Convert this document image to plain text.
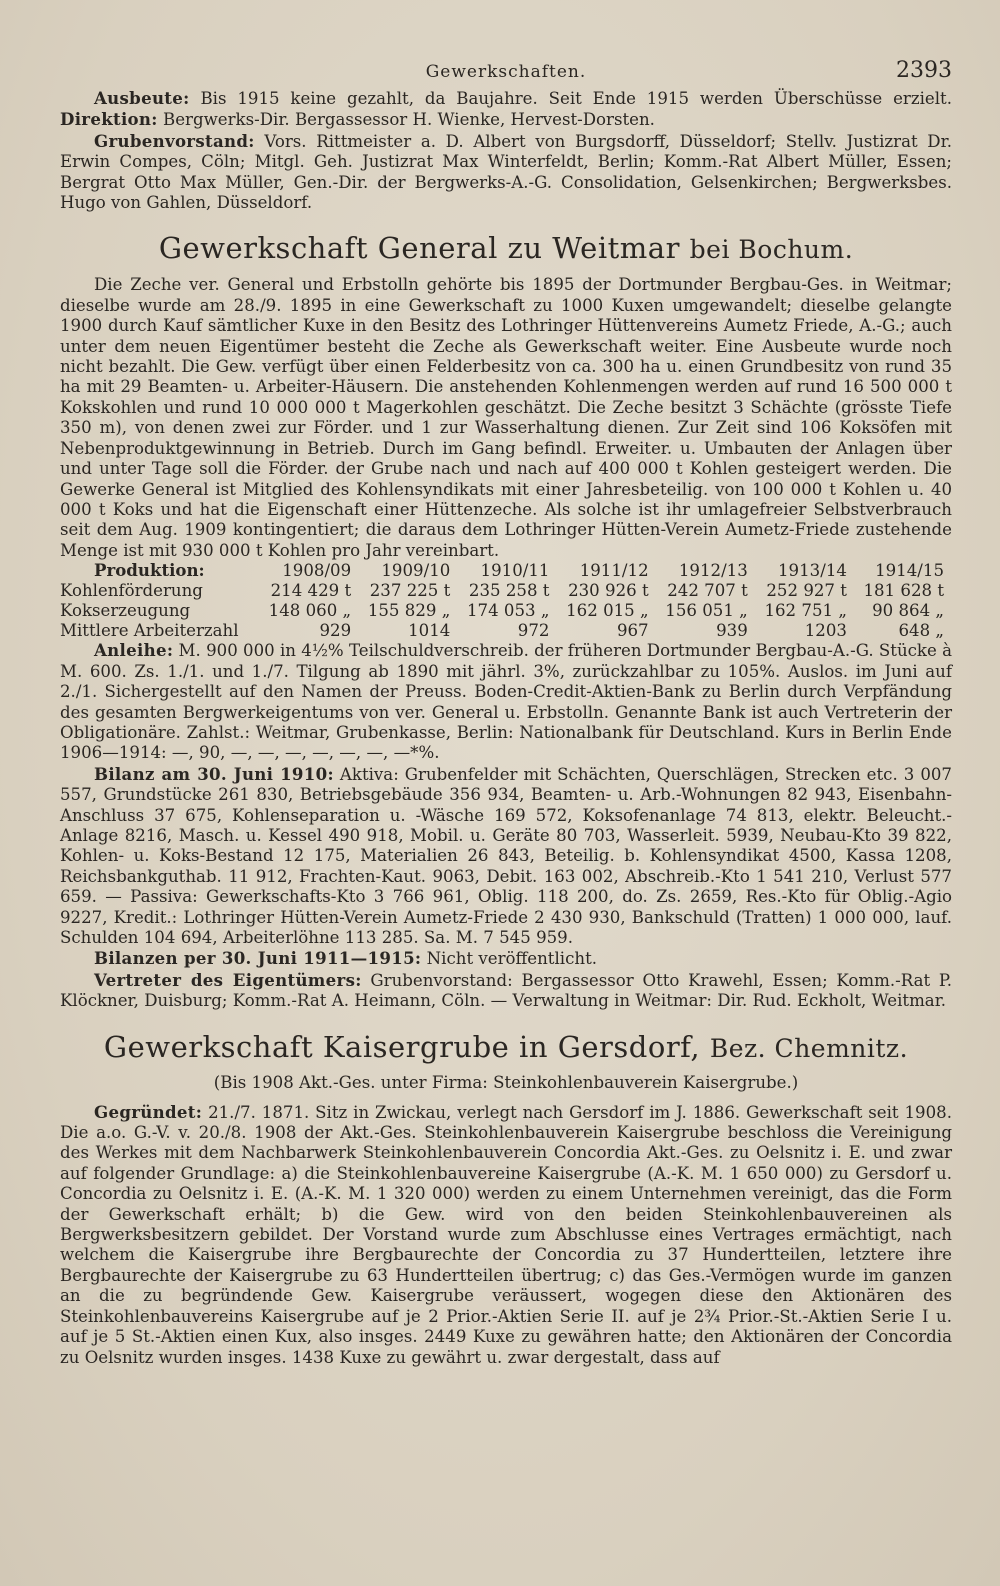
Gewerkschaften.	2393

Ausbeute: Bis 1915 keine gezahlt, da Baujahre. Seit Ende 1915 werden Überschüsse erzielt. Direktion: Bergwerks-Dir. Bergassessor H. Wienke, Hervest-Dorsten.

Grubenvorstand: Vors. Rittmeister a. D. Albert von Burgsdorff, Düsseldorf; Stellv. Justizrat Dr. Erwin Compes, Cöln; Mitgl. Geh. Justizrat Max Winterfeldt, Berlin; Komm.-Rat Albert Müller, Essen; Bergrat Otto Max Müller, Gen.-Dir. der Bergwerks-A.-G. Consolidation, Gelsenkirchen; Bergwerksbes. Hugo von Gahlen, Düsseldorf.

Gewerkschaft General zu Weitmar bei Bochum.

Die Zeche ver. General und Erbstolln gehörte bis 1895 der Dortmunder Bergbau-Ges. in Weitmar; dieselbe wurde am 28./9. 1895 in eine Gewerkschaft zu 1000 Kuxen umgewandelt; dieselbe gelangte 1900 durch Kauf sämtlicher Kuxe in den Besitz des Lothringer Hüttenvereins Aumetz Friede, A.-G.; auch unter dem neuen Eigentümer besteht die Zeche als Gewerkschaft weiter. Eine Ausbeute wurde noch nicht bezahlt. Die Gew. verfügt über einen Felderbesitz von ca. 300 ha u. einen Grundbesitz von rund 35 ha mit 29 Beamten- u. Arbeiter-Häusern. Die anstehenden Kohlenmengen werden auf rund 16 500 000 t Kokskohlen und rund 10 000 000 t Magerkohlen geschätzt. Die Zeche besitzt 3 Schächte (grösste Tiefe 350 m), von denen zwei zur Förder. und 1 zur Wasserhaltung dienen. Zur Zeit sind 106 Koksöfen mit Nebenproduktgewinnung in Betrieb. Durch im Gang befindl. Erweiter. u. Umbauten der Anlagen über und unter Tage soll die Förder. der Grube nach und nach auf 400 000 t Kohlen gesteigert werden. Die Gewerke General ist Mitglied des Kohlensyndikats mit einer Jahresbeteilig. von 100 000 t Kohlen u. 40 000 t Koks und hat die Eigenschaft einer Hüttenzeche. Als solche ist ihr umlagefreier Selbstverbrauch seit dem Aug. 1909 kontingentiert; die daraus dem Lothringer Hütten-Verein Aumetz-Friede zustehende Menge ist mit 930 000 t Kohlen pro Jahr vereinbart.

Produktion:	1908/09	1909/10	1910/11	1911/12	1912/13	1913/14	1914/15
Kohlenförderung	214 429 t	237 225 t	235 258 t	230 926 t	242 707 t	252 927 t	181 628 t
Kokserzeugung	148 060 „	155 829 „	174 053 „	162 015 „	156 051 „	162 751 „	90 864 „
Mittlere Arbeiterzahl	929	1014	972	967	939	1203	648 „

Anleihe: M. 900 000 in 4½% Teilschuldverschreib. der früheren Dortmunder Bergbau-A.-G. Stücke à M. 600. Zs. 1./1. und 1./7. Tilgung ab 1890 mit jährl. 3%, zurückzahlbar zu 105%. Auslos. im Juni auf 2./1. Sichergestellt auf den Namen der Preuss. Boden-Credit-Aktien-Bank zu Berlin durch Verpfändung des gesamten Bergwerkeigentums von ver. General u. Erbstolln. Genannte Bank ist auch Vertreterin der Obligationäre. Zahlst.: Weitmar, Grubenkasse, Berlin: Nationalbank für Deutschland. Kurs in Berlin Ende 1906—1914: —, 90, —, —, —, —, —, —, —*%.

Bilanz am 30. Juni 1910: Aktiva: Grubenfelder mit Schächten, Querschlägen, Strecken etc. 3 007 557, Grundstücke 261 830, Betriebsgebäude 356 934, Beamten- u. Arb.-Wohnungen 82 943, Eisenbahn-Anschluss 37 675, Kohlenseparation u. -Wäsche 169 572, Koksofenanlage 74 813, elektr. Beleucht.-Anlage 8216, Masch. u. Kessel 490 918, Mobil. u. Geräte 80 703, Wasserleit. 5939, Neubau-Kto 39 822, Kohlen- u. Koks-Bestand 12 175, Materialien 26 843, Beteilig. b. Kohlensyndikat 4500, Kassa 1208, Reichsbankguthab. 11 912, Frachten-Kaut. 9063, Debit. 163 002, Abschreib.-Kto 1 541 210, Verlust 577 659. — Passiva: Gewerkschafts-Kto 3 766 961, Oblig. 118 200, do. Zs. 2659, Res.-Kto für Oblig.-Agio 9227, Kredit.: Lothringer Hütten-Verein Aumetz-Friede 2 430 930, Bankschuld (Tratten) 1 000 000, lauf. Schulden 104 694, Arbeiterlöhne 113 285. Sa. M. 7 545 959.

Bilanzen per 30. Juni 1911—1915: Nicht veröffentlicht.

Vertreter des Eigentümers: Grubenvorstand: Bergassessor Otto Krawehl, Essen; Komm.-Rat P. Klöckner, Duisburg; Komm.-Rat A. Heimann, Cöln. — Verwaltung in Weitmar: Dir. Rud. Eckholt, Weitmar.

Gewerkschaft Kaisergrube in Gersdorf, Bez. Chemnitz.
(Bis 1908 Akt.-Ges. unter Firma: Steinkohlenbauverein Kaisergrube.)

Gegründet: 21./7. 1871. Sitz in Zwickau, verlegt nach Gersdorf im J. 1886. Gewerkschaft seit 1908. Die a.o. G.-V. v. 20./8. 1908 der Akt.-Ges. Steinkohlenbauverein Kaisergrube beschloss die Vereinigung des Werkes mit dem Nachbarwerk Steinkohlenbauverein Concordia Akt.-Ges. zu Oelsnitz i. E. und zwar auf folgender Grundlage: a) die Steinkohlenbauvereine Kaisergrube (A.-K. M. 1 650 000) zu Gersdorf u. Concordia zu Oelsnitz i. E. (A.-K. M. 1 320 000) werden zu einem Unternehmen vereinigt, das die Form der Gewerkschaft erhält; b) die Gew. wird von den beiden Steinkohlenbauvereinen als Bergwerksbesitzern gebildet. Der Vorstand wurde zum Abschlusse eines Vertrages ermächtigt, nach welchem die Kaisergrube ihre Bergbaurechte der Concordia zu 37 Hundertteilen, letztere ihre Bergbaurechte der Kaisergrube zu 63 Hundertteilen übertrug; c) das Ges.-Vermögen wurde im ganzen an die zu begründende Gew. Kaisergrube veräussert, wogegen diese den Aktionären des Steinkohlenbauvereins Kaisergrube auf je 2 Prior.-Aktien Serie II. auf je 2¾ Prior.-St.-Aktien Serie I u. auf je 5 St.-Aktien einen Kux, also insges. 2449 Kuxe zu gewähren hatte; den Aktionären der Concordia zu Oelsnitz wurden insges. 1438 Kuxe zu gewährt u. zwar dergestalt, dass auf
